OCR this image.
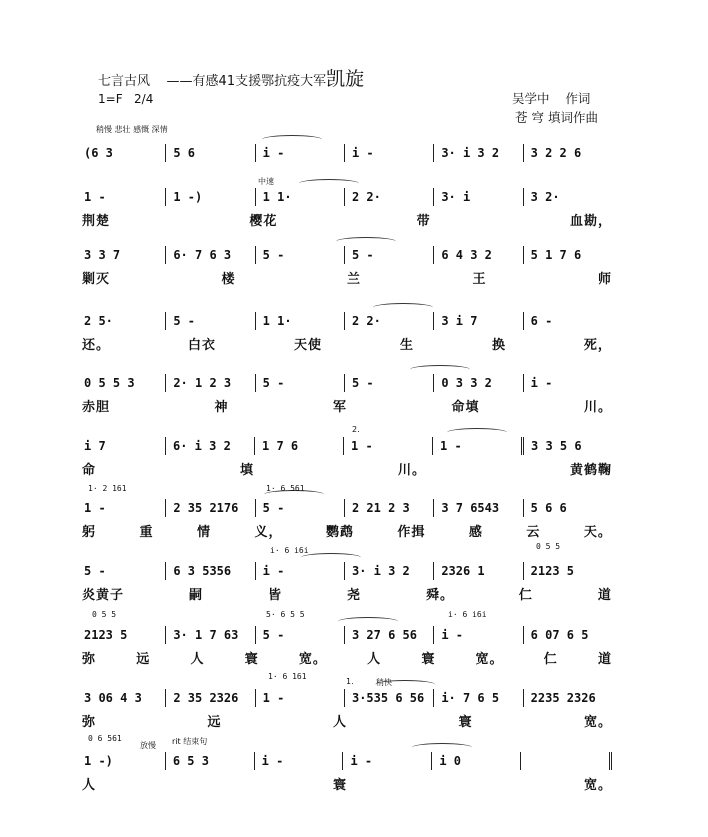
七言古风 ——有感41支援鄂抗疫大军凯旋
1=F 2/4	吴学中 作词
苍 穹 填词作曲
稍慢 悲壮 感慨 深情
中速
2.
1.	稍快
放慢 rit 结束句
(6 3	5 6	i -	i -	3· i 3 2	3 2 2 6
1 -	1 -)	1 1·	2 2·	3· i	3 2·
荆楚	樱花	带	血勘，
3 3 7	6· 7 6 3	5 -	5 -	6 4 3 2	5 1 7 6
剿灭	楼	兰	王	师
2 5·	5 -	1 1·	2 2·	3 i 7	6 -
还。	白衣	天使	生	换	死，
0 5 5 3	2· 1 2 3	5 -	5 -	0 3 3 2	i -
赤胆	神	军	命填	川。
i 7	6· i 3 2	1 7 6	1 -	1 -	3 3 5 6
命	填	川。	黄鹤鞠
1 -	2 35 2176	5 -	2 21 2 3	3 7 6543	5 6 6
躬	重	情	义，	鹦鹉	作揖	感	云	天。
5 -	6 3 5356	i -	3· i 3 2	2326 1	2123 5
炎黄子	嗣	皆	尧	舜。	仁	道
2123 5	3· 1 7 63	5 -	3 27 6 56	i -	6 07 6 5
弥	远	人	寰	宽。	人	寰	宽。	仁	道
3 06 4 3	2 35 2326	1 -	3·535 6 56	i· 7 6 5	2235 2326
弥	远	人	寰	宽。
1 -)	6 5 3	i -	i -	i 0
人	寰	宽。
1· 2 161	1· 6 561
i· 6 i6i	0 5 5
0 5 5	5· 6 5 5	i· 6 i6i
1· 6 161
0 6 561
